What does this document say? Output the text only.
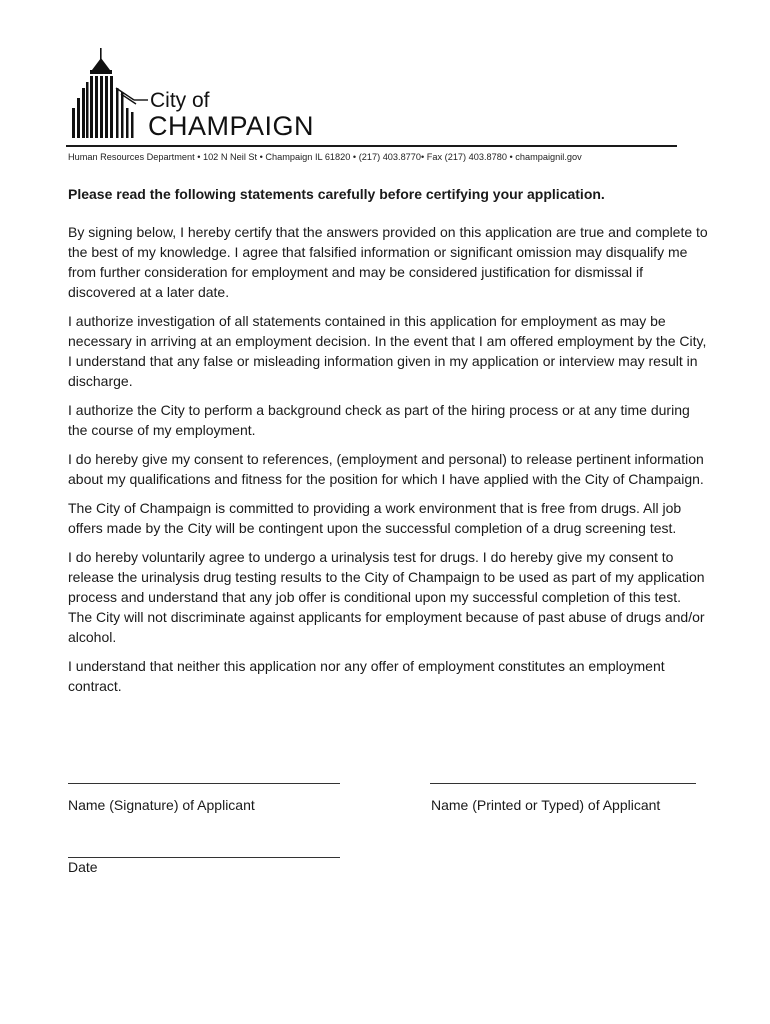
City of
CHAMPAIGN
Human Resources Department • 102 N Neil St • Champaign IL 61820 • (217) 403.8770• Fax (217) 403.8780 • champaignil.gov
Please read the following statements carefully before certifying your application.

By signing below, I hereby certify that the answers provided on this application are true and complete to the best of my knowledge. I agree that falsified information or significant omission may disqualify me from further consideration for employment and may be considered justification for dismissal if discovered at a later date.

I authorize investigation of all statements contained in this application for employment as may be necessary in arriving at an employment decision. In the event that I am offered employment by the City, I understand that any false or misleading information given in my application or interview may result in discharge.

I authorize the City to perform a background check as part of the hiring process or at any time during the course of my employment.

I do hereby give my consent to references, (employment and personal) to release pertinent information about my qualifications and fitness for the position for which I have applied with the City of Champaign.

The City of Champaign is committed to providing a work environment that is free from drugs. All job offers made by the City will be contingent upon the successful completion of a drug screening test.

I do hereby voluntarily agree to undergo a urinalysis test for drugs. I do hereby give my consent to release the urinalysis drug testing results to the City of Champaign to be used as part of my application process and understand that any job offer is conditional upon my successful completion of this test. The City will not discriminate against applicants for employment because of past abuse of drugs and/or alcohol.

I understand that neither this application nor any offer of employment constitutes an employment contract.

Name (Signature) of Applicant	Name (Printed or Typed) of Applicant
Date
